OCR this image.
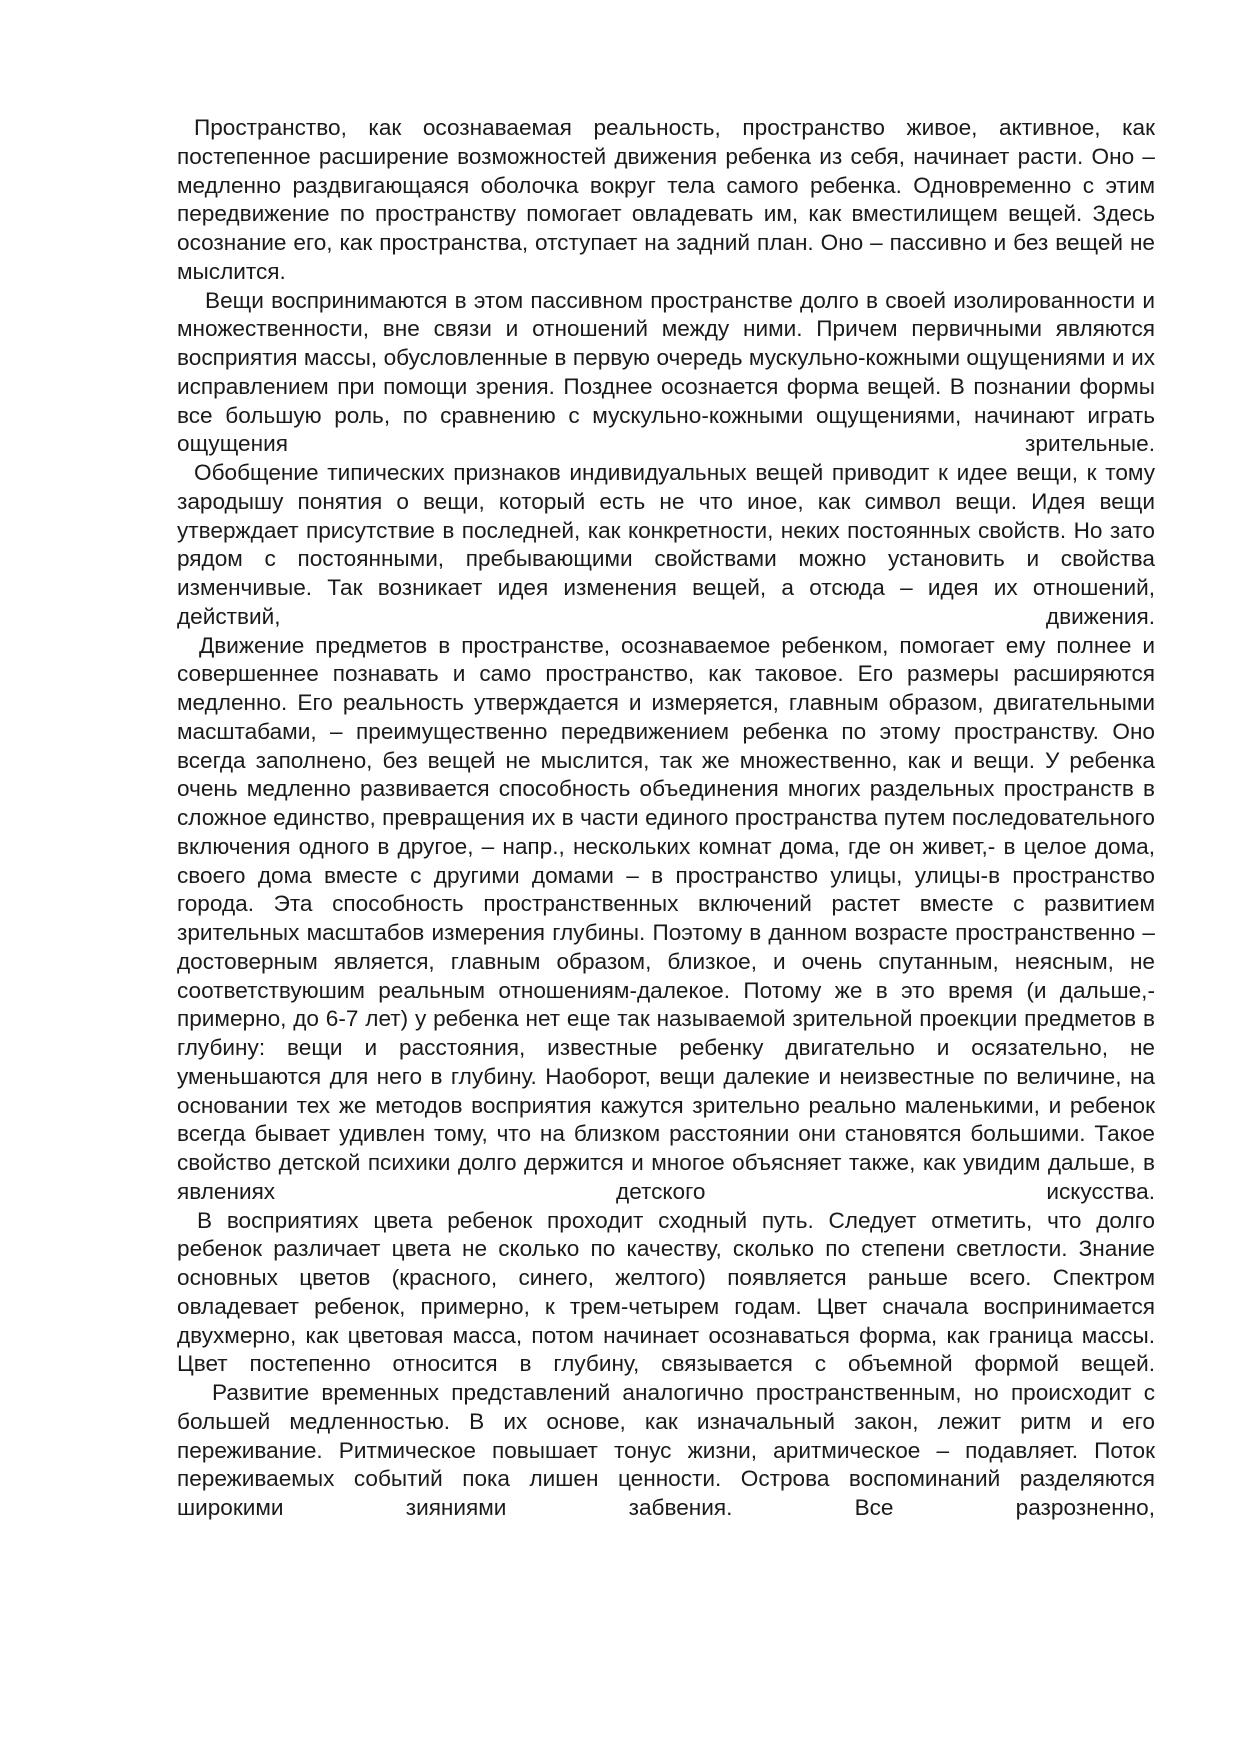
Пространство, как осознаваемая реальность, пространство живое, активное, как постепенное расширение возможностей движения ребенка из себя, начинает расти. Оно – медленно раздвигающаяся оболочка вокруг тела самого ребенка. Одновременно с этим передвижение по пространству помогает овладевать им, как вместилищем вещей. Здесь осознание его, как пространства, отступает на задний план. Оно – пассивно и без вещей не мыслится.

Вещи воспринимаются в этом пассивном пространстве долго в своей изолированности и множественности, вне связи и отношений между ними. Причем первичными являются восприятия массы, обусловленные в первую очередь мускульно-кожными ощущениями и их исправлением при помощи зрения. Позднее осознается форма вещей. В познании формы все большую роль, по сравнению с мускульно-кожными ощущениями, начинают играть ощущения зрительные.

Обобщение типических признаков индивидуальных вещей приводит к идее вещи, к тому зародышу понятия о вещи, который есть не что иное, как символ вещи. Идея вещи утверждает присутствие в последней, как конкретности, неких постоянных свойств. Но зато рядом с постоянными, пребывающими свойствами можно установить и свойства изменчивые. Так возникает идея изменения вещей, а отсюда – идея их отношений, действий, движения.

Движение предметов в пространстве, осознаваемое ребенком, помогает ему полнее и совершеннее познавать и само пространство, как таковое. Его размеры расширяются медленно. Его реальность утверждается и измеряется, главным образом, двигательными масштабами, – преимущественно передвижением ребенка по этому пространству. Оно всегда заполнено, без вещей не мыслится, так же множественно, как и вещи. У ребенка очень медленно развивается способность объединения многих раздельных пространств в сложное единство, превращения их в части единого пространства путем последовательного включения одного в другое, – напр., нескольких комнат дома, где он живет,- в целое дома, своего дома вместе с другими домами – в пространство улицы, улицы-в пространство города. Эта способность пространственных включений растет вместе с развитием зрительных масштабов измерения глубины. Поэтому в данном возрасте пространственно – достоверным является, главным образом, близкое, и очень спутанным, неясным, не соответствуюшим реальным отношениям-далекое. Потому же в это время (и дальше,- примерно, до 6-7 лет) у ребенка нет еще так называемой зрительной проекции предметов в глубину: вещи и расстояния, известные ребенку двигательно и осязательно, не уменьшаются для него в глубину. Наоборот, вещи далекие и неизвестные по величине, на основании тех же методов восприятия кажутся зрительно реально маленькими, и ребенок всегда бывает удивлен тому, что на близком расстоянии они становятся большими. Такое свойство детской психики долго держится и многое объясняет также, как увидим дальше, в явлениях детского искусства.

В восприятиях цвета ребенок проходит сходный путь. Следует отметить, что долго ребенок различает цвета не сколько по качеству, сколько по степени светлости. Знание основных цветов (красного, синего, желтого) появляется раньше всего. Спектром овладевает ребенок, примерно, к трем-четырем годам. Цвет сначала воспринимается двухмерно, как цветовая масса, потом начинает осознаваться форма, как граница массы. Цвет постепенно относится в глубину, связывается с объемной формой вещей.

Развитие временных представлений аналогично пространственным, но происходит с большей медленностью. В их основе, как изначальный закон, лежит ритм и его переживание. Ритмическое повышает тонус жизни, аритмическое – подавляет. Поток переживаемых событий пока лишен ценности. Острова воспоминаний разделяются широкими зияниями забвения. Все разрозненно,
